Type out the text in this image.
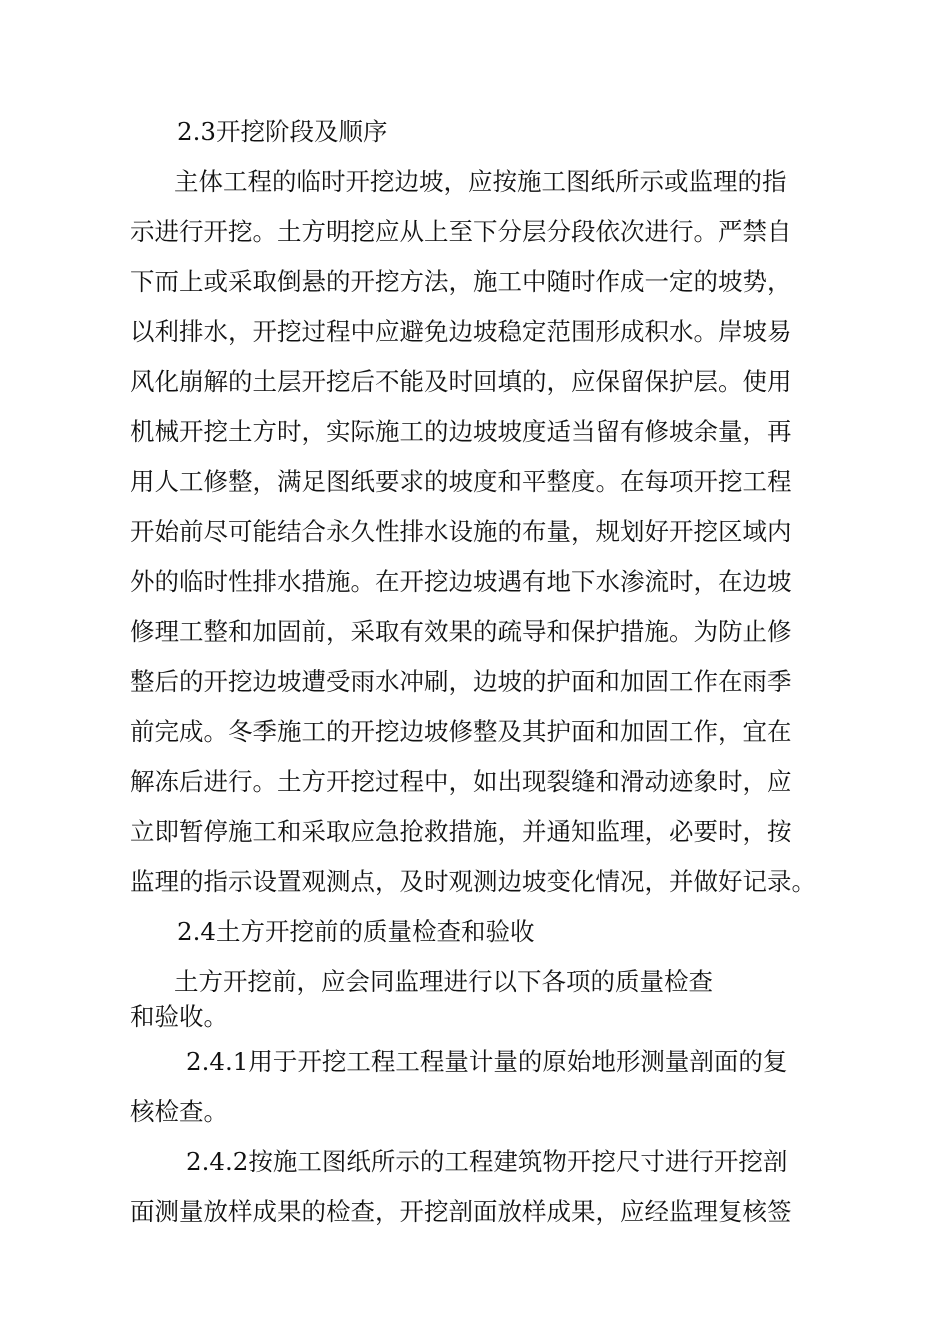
2.3开挖阶段及顺序
主体工程的临时开挖边坡，应按施工图纸所示或监理的指
示进行开挖。土方明挖应从上至下分层分段依次进行。严禁自
下而上或采取倒悬的开挖方法，施工中随时作成一定的坡势，
以利排水，开挖过程中应避免边坡稳定范围形成积水。岸坡易
风化崩解的土层开挖后不能及时回填的，应保留保护层。使用
机械开挖土方时，实际施工的边坡坡度适当留有修坡余量，再
用人工修整，满足图纸要求的坡度和平整度。在每项开挖工程
开始前尽可能结合永久性排水设施的布量，规划好开挖区域内
外的临时性排水措施。在开挖边坡遇有地下水渗流时，在边坡
修理工整和加固前，采取有效果的疏导和保护措施。为防止修
整后的开挖边坡遭受雨水冲刷，边坡的护面和加固工作在雨季
前完成。冬季施工的开挖边坡修整及其护面和加固工作，宜在
解冻后进行。土方开挖过程中，如出现裂缝和滑动迹象时，应
立即暂停施工和采取应急抢救措施，并通知监理，必要时，按
监理的指示设置观测点，及时观测边坡变化情况，并做好记录。
2.4土方开挖前的质量检查和验收
土方开挖前，应会同监理进行以下各项的质量检查
和验收。
2.4.1用于开挖工程工程量计量的原始地形测量剖面的复
核检查。
2.4.2按施工图纸所示的工程建筑物开挖尺寸进行开挖剖
面测量放样成果的检查，开挖剖面放样成果，应经监理复核签
